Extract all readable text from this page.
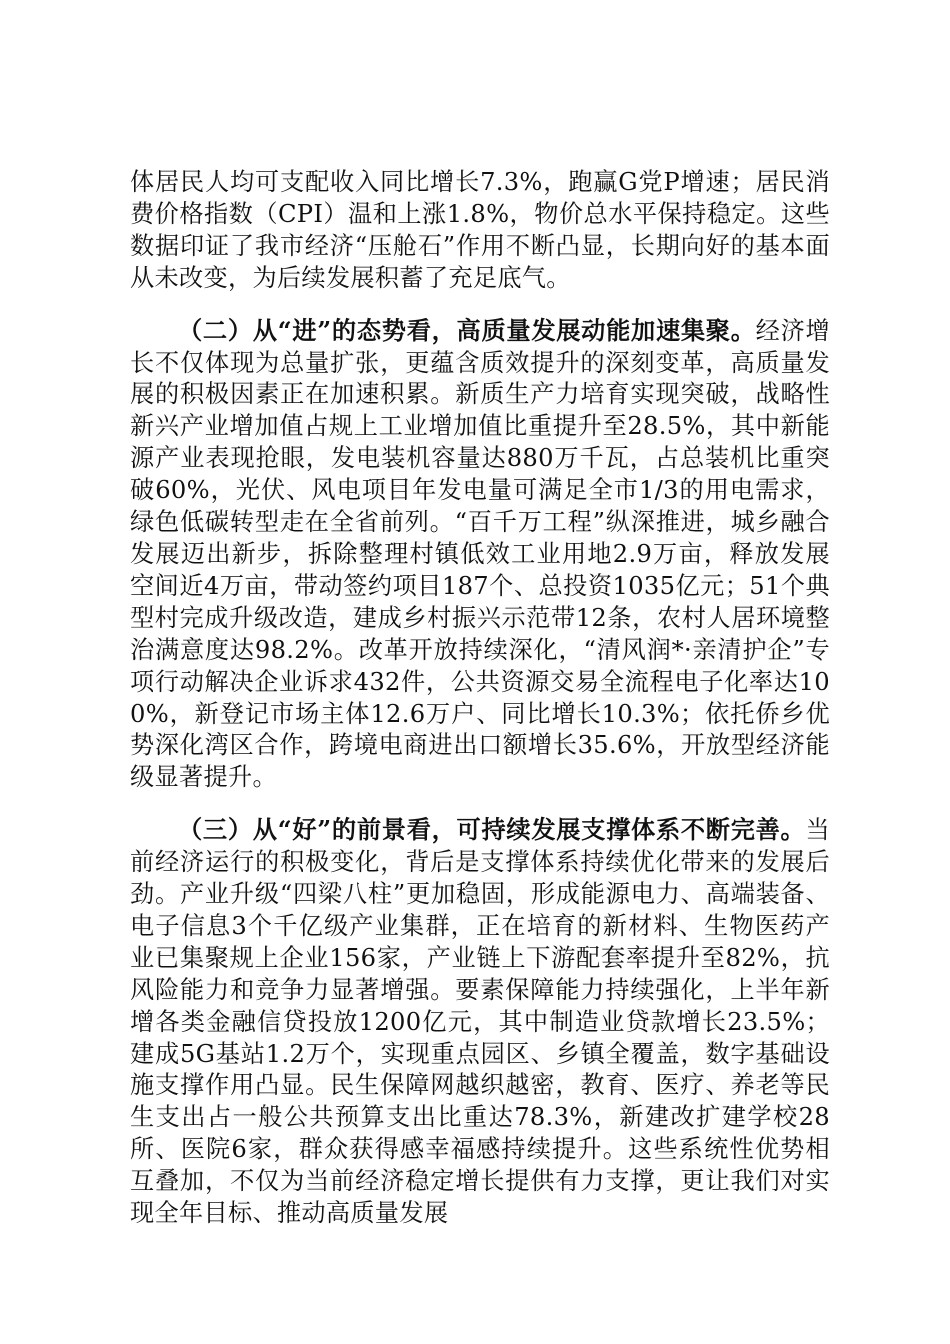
体居民人均可支配收入同比增长7.3%，跑赢G党P增速；居民消费价格指数（CPI）温和上涨1.8%，物价总水平保持稳定。这些数据印证了我市经济“压舱石”作用不断凸显，长期向好的基本面从未改变，为后续发展积蓄了充足底气。

（二）从“进”的态势看，高质量发展动能加速集聚。经济增长不仅体现为总量扩张，更蕴含质效提升的深刻变革，高质量发展的积极因素正在加速积累。新质生产力培育实现突破，战略性新兴产业增加值占规上工业增加值比重提升至28.5%，其中新能源产业表现抢眼，发电装机容量达880万千瓦，占总装机比重突破60%，光伏、风电项目年发电量可满足全市1/3的用电需求，绿色低碳转型走在全省前列。“百千万工程”纵深推进，城乡融合发展迈出新步，拆除整理村镇低效工业用地2.9万亩，释放发展空间近4万亩，带动签约项目187个、总投资1035亿元；51个典型村完成升级改造，建成乡村振兴示范带12条，农村人居环境整治满意度达98.2%。改革开放持续深化，“清风润*·亲清护企”专项行动解决企业诉求432件，公共资源交易全流程电子化率达100%，新登记市场主体12.6万户、同比增长10.3%；依托侨乡优势深化湾区合作，跨境电商进出口额增长35.6%，开放型经济能级显著提升。

（三）从“好”的前景看，可持续发展支撑体系不断完善。当前经济运行的积极变化，背后是支撑体系持续优化带来的发展后劲。产业升级“四梁八柱”更加稳固，形成能源电力、高端装备、电子信息3个千亿级产业集群，正在培育的新材料、生物医药产业已集聚规上企业156家，产业链上下游配套率提升至82%，抗风险能力和竞争力显著增强。要素保障能力持续强化，上半年新增各类金融信贷投放1200亿元，其中制造业贷款增长23.5%；建成5G基站1.2万个，实现重点园区、乡镇全覆盖，数字基础设施支撑作用凸显。民生保障网越织越密，教育、医疗、养老等民生支出占一般公共预算支出比重达78.3%，新建改扩建学校28所、医院6家，群众获得感幸福感持续提升。这些系统性优势相互叠加，不仅为当前经济稳定增长提供有力支撑，更让我们对实现全年目标、推动高质量发展
